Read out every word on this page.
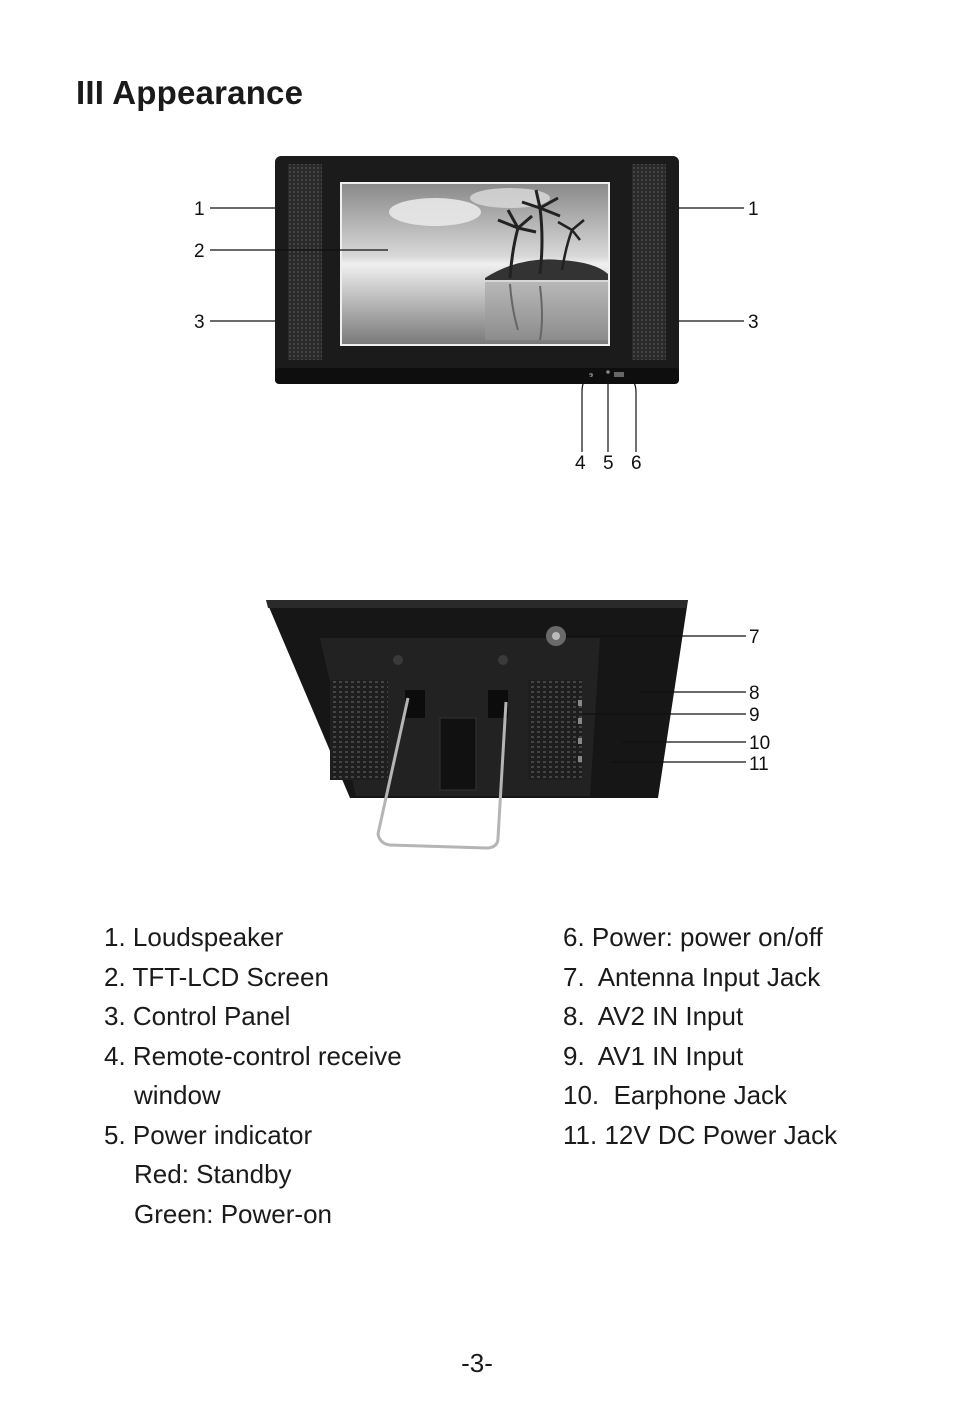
III Appearance
1
2
3
1
3
4 5 6
7
8
9
10
11
1. Loudspeaker
2. TFT-LCD Screen
3. Control Panel
4. Remote-control receive
window
5. Power indicator
Red: Standby
Green: Power-on
6. Power: power on/off
7.  Antenna Input Jack
8.  AV2 IN Input
9.  AV1 IN Input
10.  Earphone Jack
11. 12V DC Power Jack
-3-
